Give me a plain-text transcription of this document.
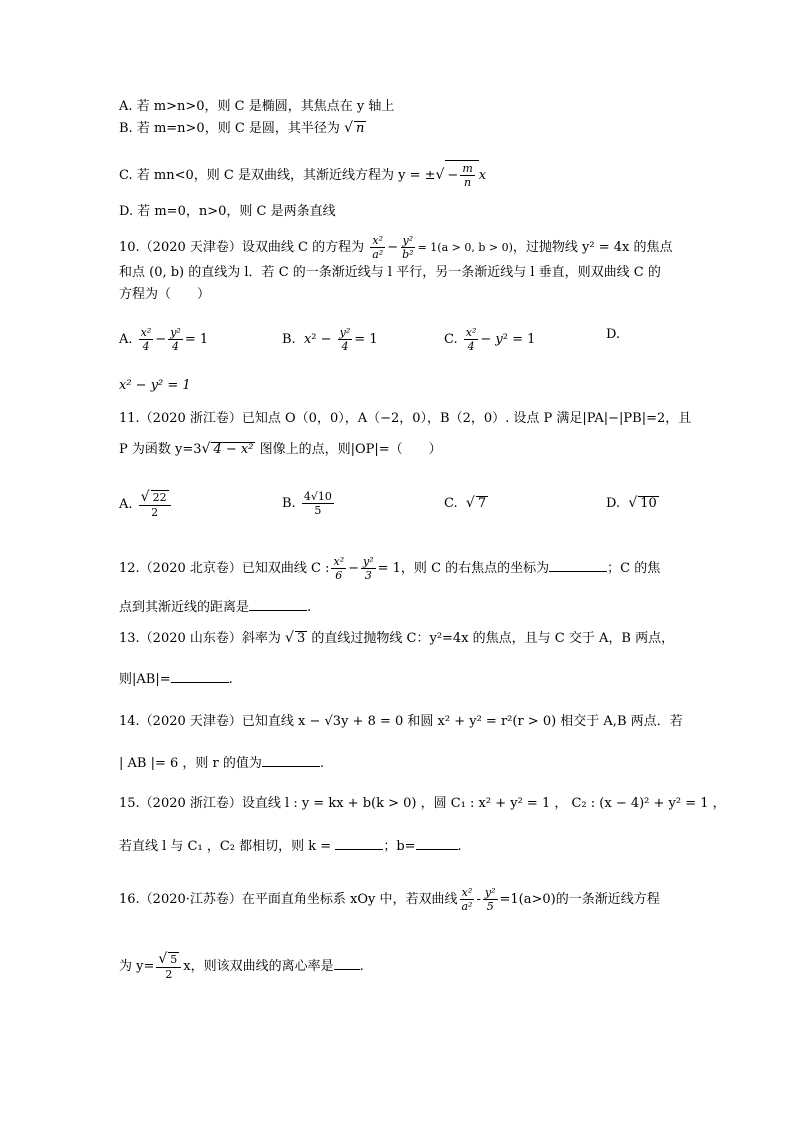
A. 若 m>n>0，则 C 是椭圆，其焦点在 y 轴上
B. 若 m=n>0，则 C 是圆，其半径为 √ n
C. 若 mn<0，则 C 是双曲线，其渐近线方程为 y = ±√ − $\frac{m}{n}$ x
D. 若 m=0，n>0，则 C 是两条直线
10.（2020 天津卷）设双曲线 C 的方程为 $\frac{\text{x²}}{\text{a²}} - \frac{\text{y²}}{\text{b²}} = 1(a > 0$, b > 0)，过抛物线 y² = 4x 的焦点
和点 (0, b) 的直线为 l．若 C 的一条渐近线与 l 平行，另一条渐近线与 l 垂直，则双曲线 C 的
方程为（　　）
A. $\frac{\text{x²}}{4} - \frac{\text{y²}}{4} = 1$	B. $x^2 - \frac{\text{y²}}{4} = 1$	C. $\frac{\text{x²}}{4} - y^2 = 1$	D.
x² − y² = 1
11.（2020 浙江卷）已知点 O（0，0），A（−2，0），B（2，0）. 设点 P 满足|PA|−|PB|=2，且
P 为函数 y=3√ 4 − x² 图像上的点，则|OP|=（　　）
A. $\frac{√ 22}{2}$	B. $\frac{4√10}{5}$	C. √ 7	D. √ 10
12.（2020 北京卷）已知双曲线 C : $\frac{\text{x²}}{6} - \frac{\text{y²}}{3} = 1$，则 C 的右焦点的坐标为	；C 的焦
点到其渐近线的距离是	.
13.（2020 山东卷）斜率为 √ 3 的直线过抛物线 C：y²=4x 的焦点，且与 C 交于 A，B 两点，
则|AB|=	.
14.（2020 天津卷）已知直线 x − √3y + 8 = 0 和圆 x² + y² = r²(r > 0) 相交于 A,B 两点．若
| AB |= 6 ，则 r 的值为	.
15.（2020 浙江卷）设直线 l : y = kx + b(k > 0) ，圆 C₁ : x² + y² = 1 ， C₂ : (x − 4)² + y² = 1 ，
若直线 l 与 C₁ ，C₂ 都相切，则 k =	；b=	.
16.（2020·江苏卷）在平面直角坐标系 xOy 中，若双曲线 $\frac{\text{x²}}{\text{a²}} - \frac{\text{y²}}{5} =1(a>0)$的一条渐近线方程
为 $y= \frac{√ 5}{2}$ x，则该双曲线的离心率是 .
